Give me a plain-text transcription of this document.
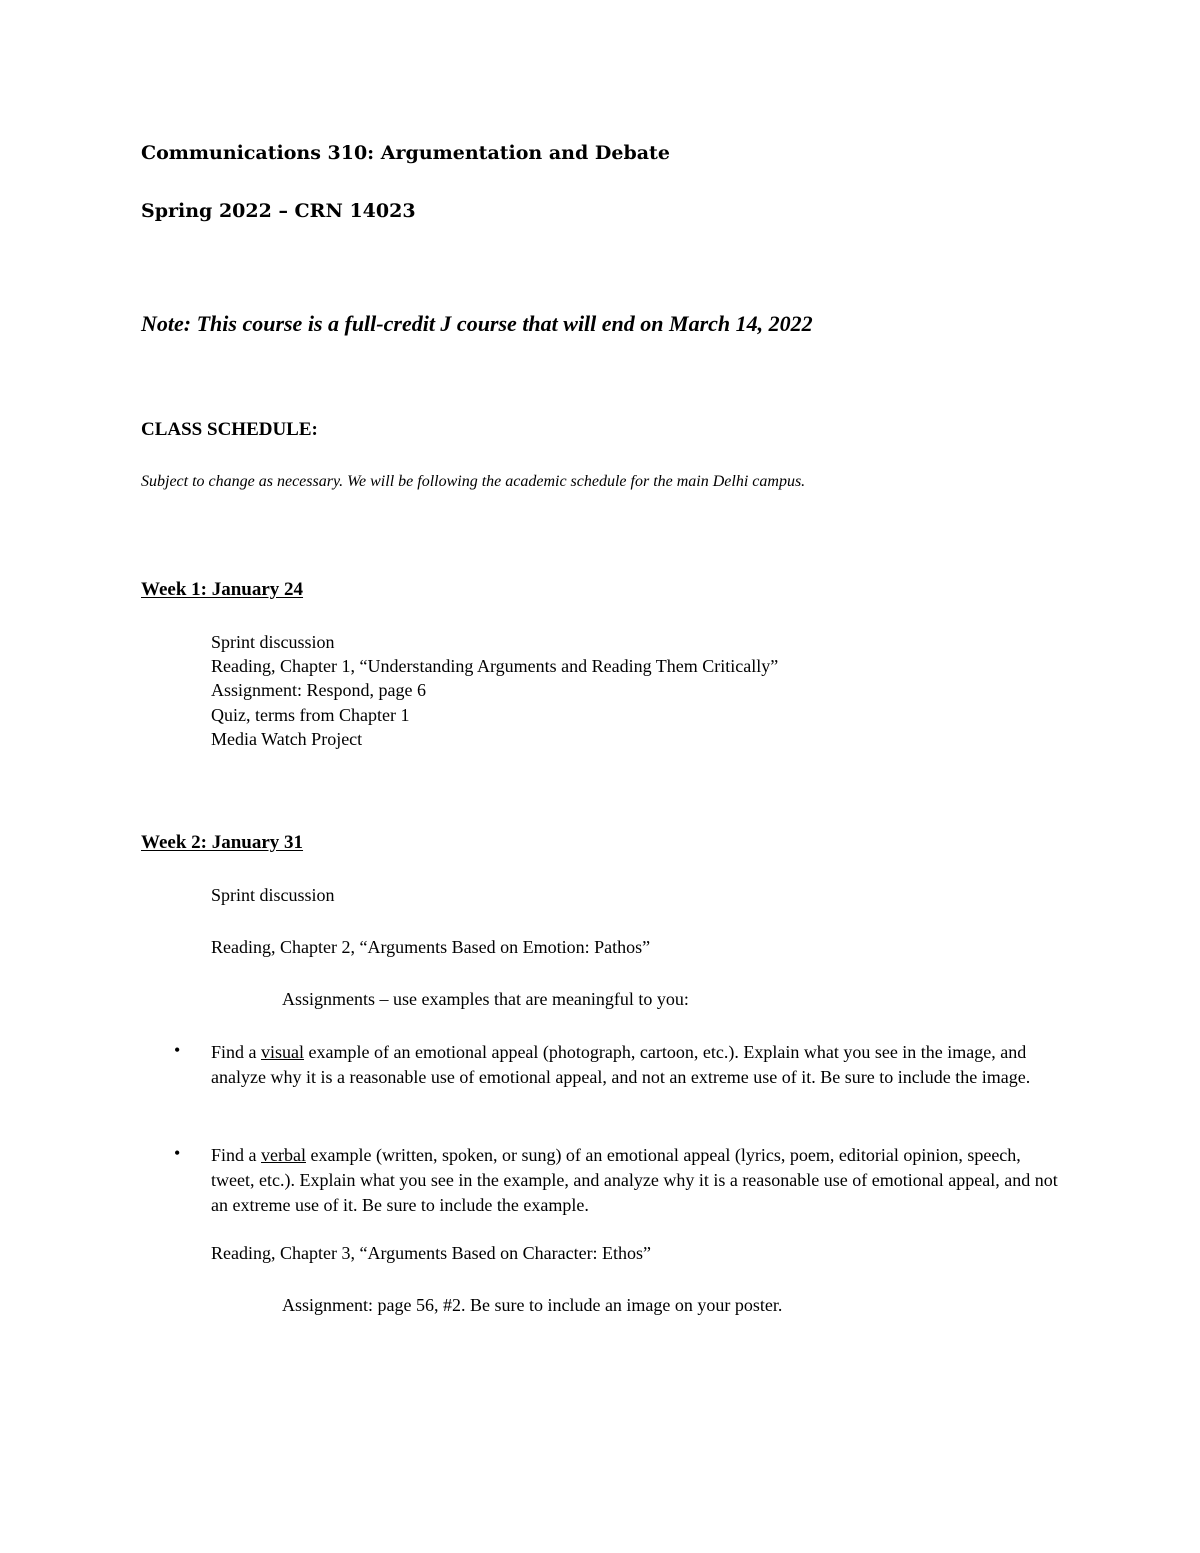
Communications 310: Argumentation and Debate
Spring 2022 – CRN 14023
Note: This course is a full-credit J course that will end on March 14, 2022
CLASS SCHEDULE:
Subject to change as necessary. We will be following the academic schedule for the main Delhi campus.
Week 1: January 24
Sprint discussion
Reading, Chapter 1, “Understanding Arguments and Reading Them Critically”
Assignment: Respond, page 6
Quiz, terms from Chapter 1
Media Watch Project
Week 2: January 31
Sprint discussion
Reading, Chapter 2, “Arguments Based on Emotion: Pathos”
Assignments – use examples that are meaningful to you:
• Find a visual example of an emotional appeal (photograph, cartoon, etc.). Explain what you see in the image, and analyze why it is a reasonable use of emotional appeal, and not an extreme use of it. Be sure to include the image.
• Find a verbal example (written, spoken, or sung) of an emotional appeal (lyrics, poem, editorial opinion, speech, tweet, etc.). Explain what you see in the example, and analyze why it is a reasonable use of emotional appeal, and not an extreme use of it. Be sure to include the example.
Reading, Chapter 3, “Arguments Based on Character: Ethos”
Assignment: page 56, #2. Be sure to include an image on your poster.
